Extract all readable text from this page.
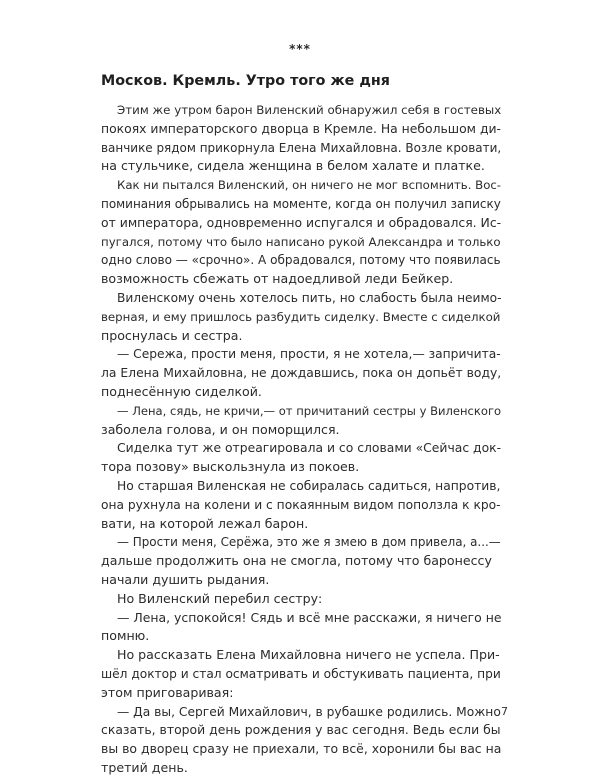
***
Москов. Кремль. Утро того же дня
Этим же утром барон Виленский обнаружил себя в гостевых
покоях императорского дворца в Кремле. На небольшом ди-
ванчике рядом прикорнула Елена Михайловна. Возле кровати,
на стульчике, сидела женщина в белом халате и платке.
Как ни пытался Виленский, он ничего не мог вспомнить. Вос-
поминания обрывались на моменте, когда он получил записку
от императора, одновременно испугался и обрадовался. Ис-
пугался, потому что было написано рукой Александра и только
одно слово — «срочно». А обрадовался, потому что появилась
возможность сбежать от надоедливой леди Бейкер.
Виленскому очень хотелось пить, но слабость была неимо-
верная, и ему пришлось разбудить сиделку. Вместе с сиделкой
проснулась и сестра.
— Сережа, прости меня, прости, я не хотела,— запричита-
ла Елена Михайловна, не дождавшись, пока он допьёт воду,
поднесённую сиделкой.
— Лена, сядь, не кричи,— от причитаний сестры у Виленского
заболела голова, и он поморщился.
Сиделка тут же отреагировала и со словами «Сейчас док-
тора позову» выскользнула из покоев.
Но старшая Виленская не собиралась садиться, напротив,
она рухнула на колени и с покаянным видом поползла к кро-
вати, на которой лежал барон.
— Прости меня, Серёжа, это же я змею в дом привела, а...—
дальше продолжить она не смогла, потому что баронессу
начали душить рыдания.
Но Виленский перебил сестру:
— Лена, успокойся! Сядь и всё мне расскажи, я ничего не
помню.
Но рассказать Елена Михайловна ничего не успела. При-
шёл доктор и стал осматривать и обстукивать пациента, при
этом приговаривая:
— Да вы, Сергей Михайлович, в рубашке родились. Можно
сказать, второй день рождения у вас сегодня. Ведь если бы
вы во дворец сразу не приехали, то всё, хоронили бы вас на
третий день.
7
